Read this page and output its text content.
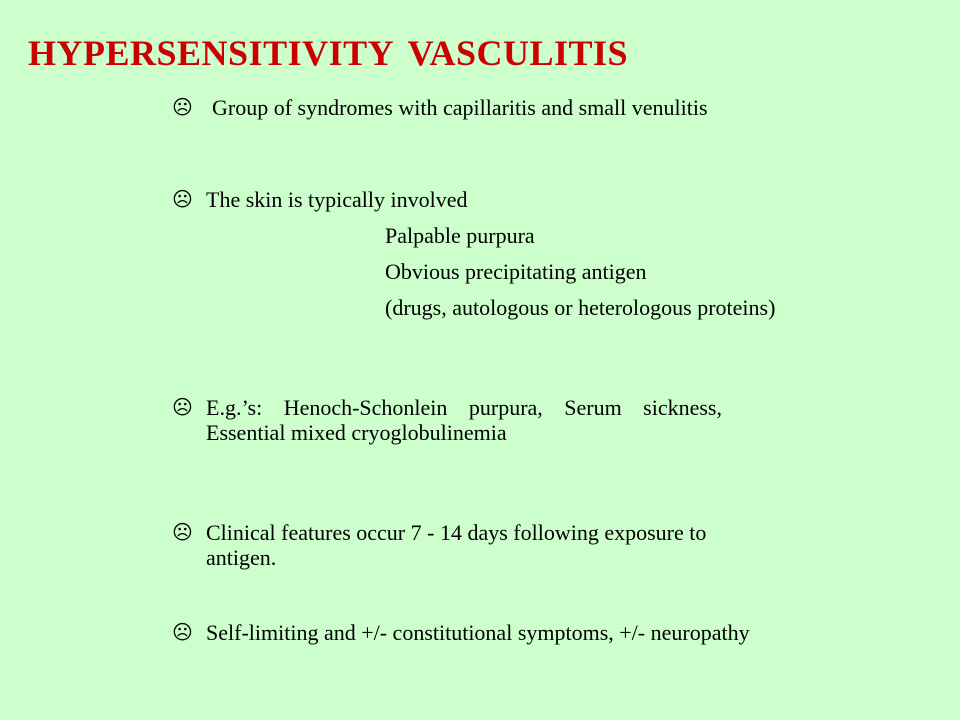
HYPERSENSITIVITY VASCULITIS
☹ Group of syndromes with capillaritis and small venulitis
☹ The skin is typically involved
Palpable purpura
Obvious precipitating antigen
(drugs, autologous or heterologous proteins)
☹ E.g.’s: Henoch-Schonlein purpura, Serum sickness, Essential mixed cryoglobulinemia
☹ Clinical features occur 7 - 14 days following exposure to antigen.
☹ Self-limiting and +/- constitutional symptoms, +/- neuropathy
